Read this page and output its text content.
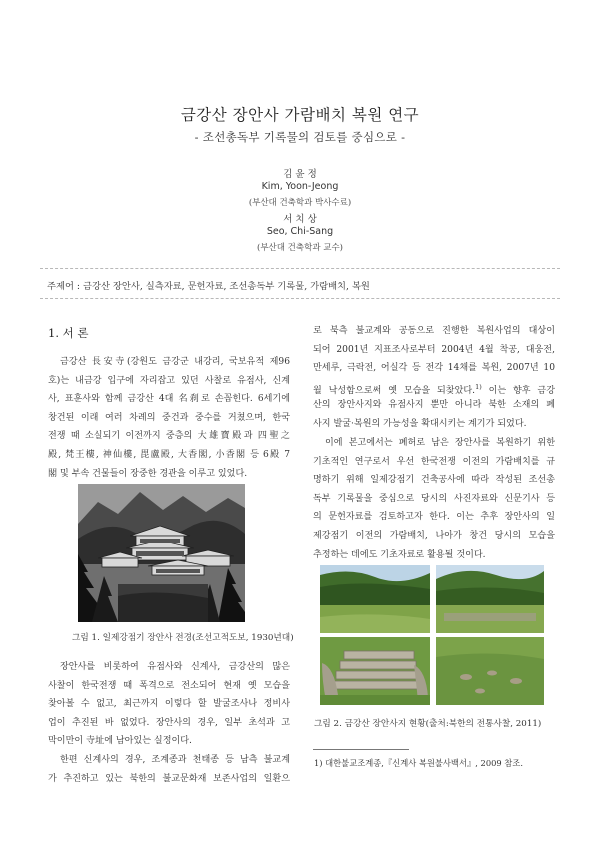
금강산 장안사 가람배치 복원 연구
- 조선총독부 기록물의 검토를 중심으로 -
김 윤 정
Kim, Yoon-Jeong
(부산대 건축학과 박사수료)
서 치 상
Seo, Chi-Sang
(부산대 건축학과 교수)
주제어 : 금강산 장안사, 실측자료, 문헌자료, 조선총독부 기록물, 가람배치, 복원
1. 서 론
금강산 長安寺(강원도 금강군 내강리, 국보유적 제96
호)는 내금강 입구에 자리잡고 있던 사찰로 유점사, 신계
사, 표훈사와 함께 금강산 4대 名刹로 손꼽힌다. 6세기에
창건된 이래 여러 차례의 중건과 중수를 거쳤으며, 한국
전쟁 때 소실되기 이전까지 중층의 大雄寶殿과 四聖之
殿, 梵王樓, 神仙樓, 毘盧殿, 大香閣, 小香閣 등 6殿 7
閣 및 부속 건물들이 장중한 경관을 이루고 있었다.
그림 1. 일제강점기 장안사 전경(조선고적도보, 1930년대)
장안사를 비롯하여 유점사와 신계사, 금강산의 많은
사찰이 한국전쟁 때 폭격으로 전소되어 현재 옛 모습을
찾아볼 수 없고, 최근까지 이렇다 할 발굴조사나 정비사
업이 추진된 바 없었다. 장안사의 경우, 일부 초석과 고
막이만이 寺址에 남아있는 실정이다.
한편 신계사의 경우, 조계종과 천태종 등 남측 불교계
가 추진하고 있는 북한의 불교문화재 보존사업의 일환으
로 북측 불교계와 공동으로 진행한 복원사업의 대상이
되어 2001년 지표조사로부터 2004년 4월 착공, 대웅전,
만세루, 극락전, 어실각 등 전각 14채를 복원, 2007년 10
월 낙성함으로써 옛 모습을 되찾았다.$^{1)}$ 이는 향후 금강
산의 장안사지와 유점사지 뿐만 아니라 북한 소재의 폐
사지 발굴·복원의 가능성을 확대시키는 계기가 되었다.
이에 본고에서는 폐허로 남은 장안사를 복원하기 위한
기초적인 연구로서 우선 한국전쟁 이전의 가람배치를 규
명하기 위해 일제강점기 건축공사에 따라 작성된 조선총
독부 기록물을 중심으로 당시의 사진자료와 신문기사 등
의 문헌자료를 검토하고자 한다. 이는 추후 장안사의 일
제강점기 이전의 가람배치, 나아가 창건 당시의 모습을
추정하는 데에도 기초자료로 활용될 것이다.
그림 2. 금강산 장안사지 현황(출처:북한의 전통사찰, 2011)
1) 대한불교조계종,『신계사 복원불사백서』, 2009 참조.
